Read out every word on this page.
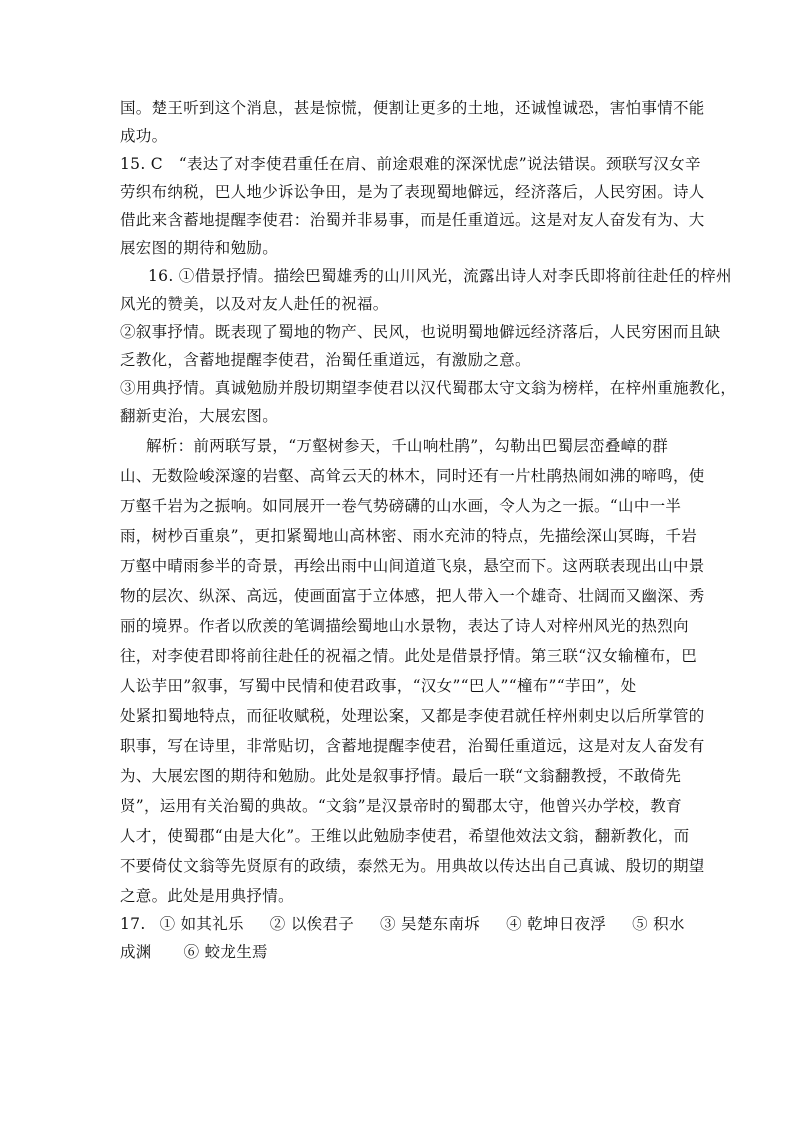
国。楚王听到这个消息，甚是惊慌，便割让更多的土地，还诚惶诚恐，害怕事情不能
成功。
15. C　“表达了对李使君重任在肩、前途艰难的深深忧虑”说法错误。颈联写汉女辛
劳织布纳税，巴人地少诉讼争田，是为了表现蜀地僻远，经济落后，人民穷困。诗人
借此来含蓄地提醒李使君：治蜀并非易事，而是任重道远。这是对友人奋发有为、大
展宏图的期待和勉励。
16. ①借景抒情。描绘巴蜀雄秀的山川风光，流露出诗人对李氏即将前往赴任的梓州
风光的赞美，以及对友人赴任的祝福。
②叙事抒情。既表现了蜀地的物产、民风，也说明蜀地僻远经济落后，人民穷困而且缺
乏教化，含蓄地提醒李使君，治蜀任重道远，有激励之意。
③用典抒情。真诚勉励并殷切期望李使君以汉代蜀郡太守文翁为榜样，在梓州重施教化，
翻新吏治，大展宏图。
解析：前两联写景，“万壑树参天，千山响杜鹃”，勾勒出巴蜀层峦叠嶂的群
山、无数险峻深邃的岩壑、高耸云天的林木，同时还有一片杜鹃热闹如沸的啼鸣，使
万壑千岩为之振响。如同展开一卷气势磅礴的山水画，令人为之一振。“山中一半
雨，树杪百重泉”，更扣紧蜀地山高林密、雨水充沛的特点，先描绘深山冥晦，千岩
万壑中晴雨参半的奇景，再绘出雨中山间道道飞泉，悬空而下。这两联表现出山中景
物的层次、纵深、高远，使画面富于立体感，把人带入一个雄奇、壮阔而又幽深、秀
丽的境界。作者以欣羡的笔调描绘蜀地山水景物，表达了诗人对梓州风光的热烈向
往，对李使君即将前往赴任的祝福之情。此处是借景抒情。第三联“汉女输橦布，巴
人讼芋田”叙事，写蜀中民情和使君政事，“汉女”“巴人”“橦布”“芋田”，处
处紧扣蜀地特点，而征收赋税，处理讼案，又都是李使君就任梓州刺史以后所掌管的
职事，写在诗里，非常贴切，含蓄地提醒李使君，治蜀任重道远，这是对友人奋发有
为、大展宏图的期待和勉励。此处是叙事抒情。最后一联“文翁翻教授，不敢倚先
贤”，运用有关治蜀的典故。“文翁”是汉景帝时的蜀郡太守，他曾兴办学校，教育
人才，使蜀郡“由是大化”。王维以此勉励李使君，希望他效法文翁，翻新教化，而
不要倚仗文翁等先贤原有的政绩，泰然无为。用典故以传达出自己真诚、殷切的期望
之意。此处是用典抒情。
17. ① 如其礼乐 ② 以俟君子 ③ 吴楚东南坼 ④ 乾坤日夜浮 ⑤ 积水
成渊 ⑥ 蛟龙生焉
